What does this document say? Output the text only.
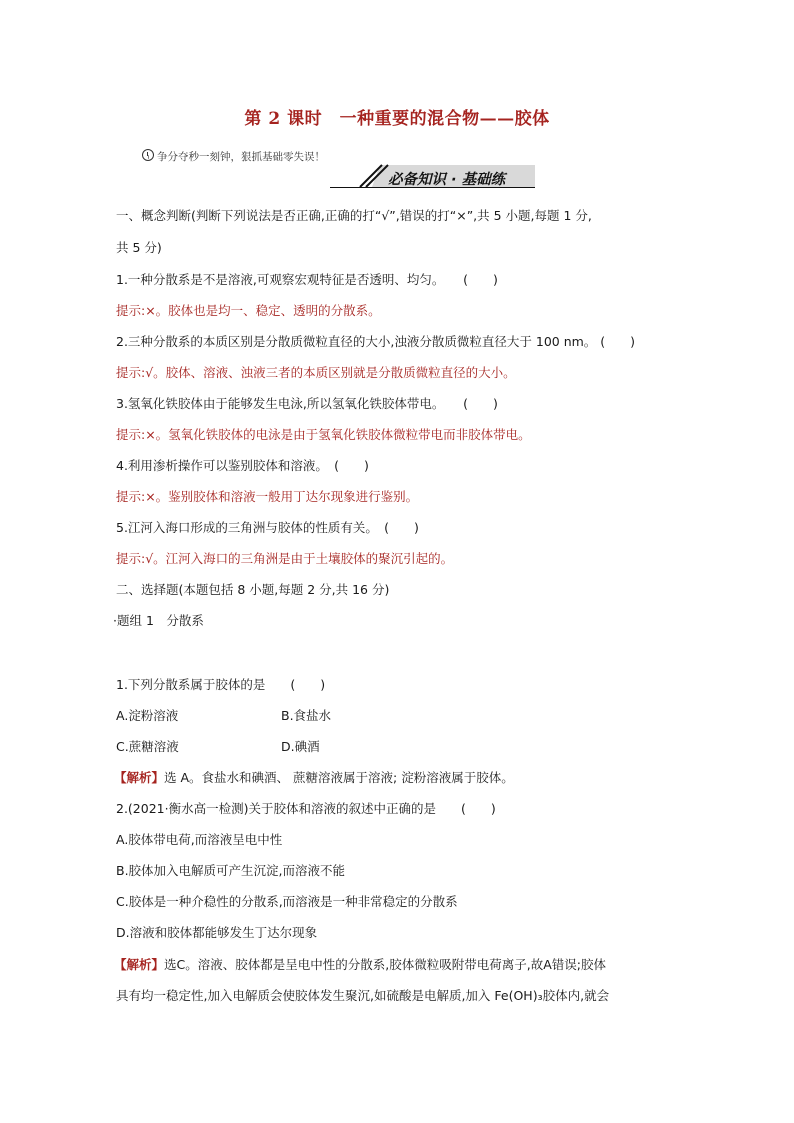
第 2 课时　一种重要的混合物——胶体
争分夺秒一刻钟，狠抓基础零失误！
必备知识 · 基础练
一、概念判断(判断下列说法是否正确,正确的打“√”,错误的打“×”,共 5 小题,每题 1 分,
共 5 分)
1.一种分散系是不是溶液,可观察宏观特征是否透明、均匀。　　(　　)
提示:×。胶体也是均一、稳定、透明的分散系。
2.三种分散系的本质区别是分散质微粒直径的大小,浊液分散质微粒直径大于 100 nm。 (　　)
提示:√。胶体、溶液、浊液三者的本质区别就是分散质微粒直径的大小。
3.氢氧化铁胶体由于能够发生电泳,所以氢氧化铁胶体带电。　　(　　)
提示:×。氢氧化铁胶体的电泳是由于氢氧化铁胶体微粒带电而非胶体带电。
4.利用渗析操作可以鉴别胶体和溶液。　(　　)
提示:×。鉴别胶体和溶液一般用丁达尔现象进行鉴别。
5.江河入海口形成的三角洲与胶体的性质有关。　(　　)
提示:√。江河入海口的三角洲是由于土壤胶体的聚沉引起的。
二、选择题(本题包括 8 小题,每题 2 分,共 16 分)
·题组 1　分散系
1.下列分散系属于胶体的是　　(　　)
A.淀粉溶液	B.食盐水
C.蔗糖溶液	D.碘酒
【解析】选 A。食盐水和碘酒、 蔗糖溶液属于溶液; 淀粉溶液属于胶体。
2.(2021·衡水高一检测)关于胶体和溶液的叙述中正确的是　　(　　)
A.胶体带电荷,而溶液呈电中性
B.胶体加入电解质可产生沉淀,而溶液不能
C.胶体是一种介稳性的分散系,而溶液是一种非常稳定的分散系
D.溶液和胶体都能够发生丁达尔现象
【解析】选C。溶液、胶体都是呈电中性的分散系,胶体微粒吸附带电荷离子,故A错误;胶体
具有均一稳定性,加入电解质会使胶体发生聚沉,如硫酸是电解质,加入 Fe(OH)₃胶体内,就会
